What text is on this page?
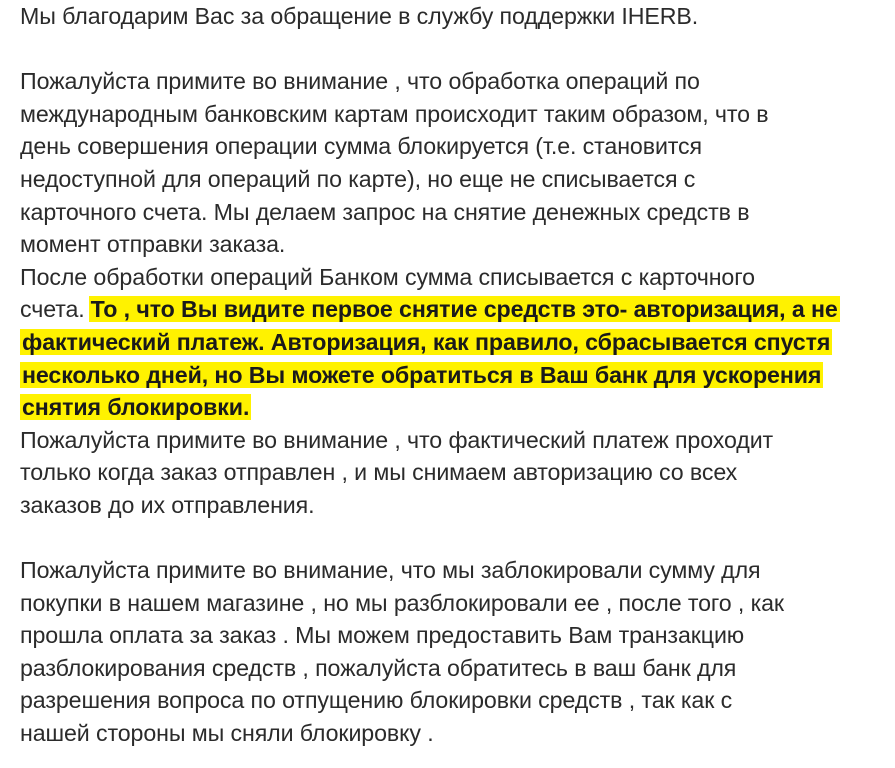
Мы благодарим Вас за обращение в службу поддержки IHERB.
Пожалуйста примите во внимание , что обработка операций по
международным банковским картам происходит таким образом, что в
день совершения операции сумма блокируется (т.е. становится
недоступной для операций по карте), но еще не списывается с
карточного счета. Мы делаем запрос на снятие денежных средств в
момент отправки заказа.
После обработки операций Банком сумма списывается с карточного
счета. То , что Вы видите первое снятие средств это- авторизация, а не
фактический платеж. Авторизация, как правило, сбрасывается спустя
несколько дней, но Вы можете обратиться в Ваш банк для ускорения
снятия блокировки.
Пожалуйста примите во внимание , что фактический платеж проходит
только когда заказ отправлен , и мы снимаем авторизацию со всех
заказов до их отправления.
Пожалуйста примите во внимание, что мы заблокировали сумму для
покупки в нашем магазине , но мы разблокировали ее , после того , как
прошла оплата за заказ . Мы можем предоставить Вам транзакцию
разблокирования средств , пожалуйста обратитесь в ваш банк для
разрешения вопроса по отпущению блокировки средств , так как с
нашей стороны мы сняли блокировку .
